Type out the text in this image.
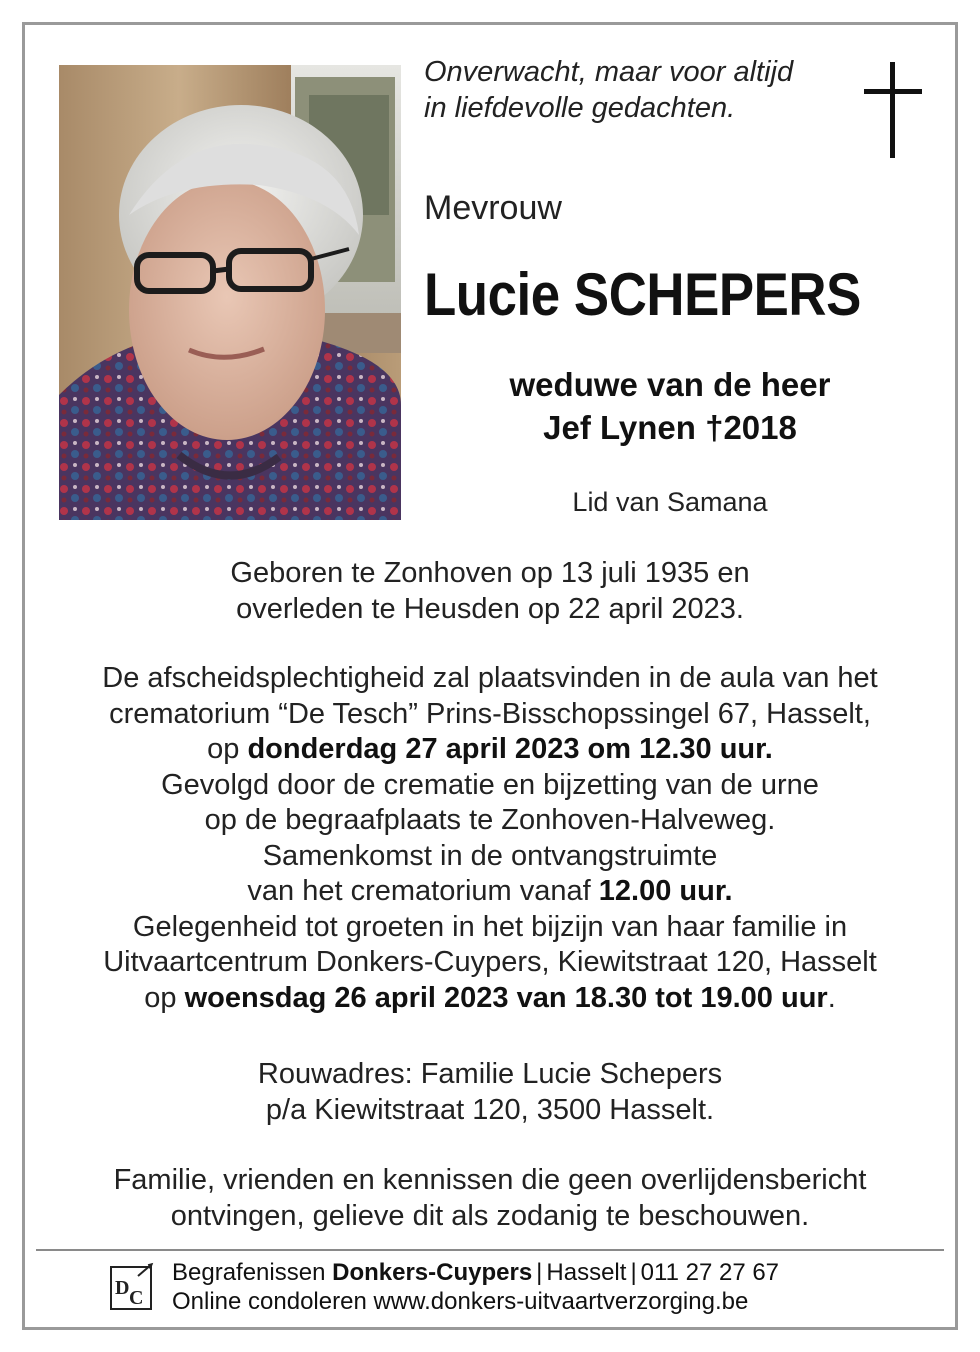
Onverwacht, maar voor altijd
in liefdevolle gedachten.
Mevrouw
Lucie SCHEPERS
weduwe van de heer
Jef Lynen †2018
Lid van Samana
Geboren te Zonhoven op 13 juli 1935 en
overleden te Heusden op 22 april 2023.
De afscheidsplechtigheid zal plaatsvinden in de aula van het
crematorium “De Tesch” Prins-Bisschopssingel 67, Hasselt,
op donderdag 27 april 2023 om 12.30 uur.
Gevolgd door de crematie en bijzetting van de urne
op de begraafplaats te Zonhoven-Halveweg.
Samenkomst in de ontvangstruimte
van het crematorium vanaf 12.00 uur.
Gelegenheid tot groeten in het bijzijn van haar familie in
Uitvaartcentrum Donkers-Cuypers, Kiewitstraat 120, Hasselt
op woensdag 26 april 2023 van 18.30 tot 19.00 uur.
Rouwadres: Familie Lucie Schepers
p/a Kiewitstraat 120, 3500 Hasselt.
Familie, vrienden en kennissen die geen overlijdensbericht
ontvingen, gelieve dit als zodanig te beschouwen.
D C
Begrafenissen Donkers-Cuypers | Hasselt | 011 27 27 67
Online condoleren www.donkers-uitvaartverzorging.be
